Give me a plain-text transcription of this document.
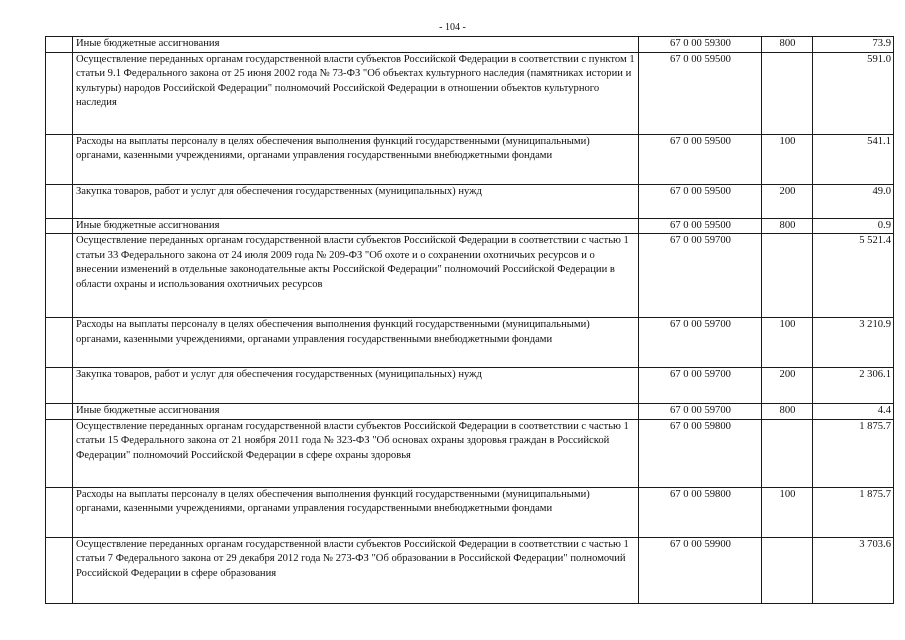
- 104 -
	Иные бюджетные ассигнования	67 0 00 59300	800	73.9
	Осуществление переданных органам государственной власти субъектов Российской Федерации в соответствии с пунктом 1 статьи 9.1 Федерального закона от 25 июня 2002 года № 73-ФЗ "Об объектах культурного наследия (памятниках истории и культуры) народов Российской Федерации" полномочий Российской Федерации в отношении объектов культурного наследия	67 0 00 59500		591.0
	Расходы на выплаты персоналу в целях обеспечения выполнения функций государственными (муниципальными) органами, казенными учреждениями, органами управления государственными внебюджетными фондами	67 0 00 59500	100	541.1
	Закупка товаров, работ и услуг для обеспечения государственных (муниципальных) нужд	67 0 00 59500	200	49.0
	Иные бюджетные ассигнования	67 0 00 59500	800	0.9
	Осуществление переданных органам государственной власти субъектов Российской Федерации в соответствии с частью 1 статьи 33 Федерального закона от 24 июля 2009 года № 209-ФЗ "Об охоте и о сохранении охотничьих ресурсов и о внесении изменений в отдельные законодательные акты Российской Федерации" полномочий Российской Федерации в области охраны и использования охотничьих ресурсов	67 0 00 59700		5 521.4
	Расходы на выплаты персоналу в целях обеспечения выполнения функций государственными (муниципальными) органами, казенными учреждениями, органами управления государственными внебюджетными фондами	67 0 00 59700	100	3 210.9
	Закупка товаров, работ и услуг для обеспечения государственных (муниципальных) нужд	67 0 00 59700	200	2 306.1
	Иные бюджетные ассигнования	67 0 00 59700	800	4.4
	Осуществление переданных органам государственной власти субъектов Российской Федерации в соответствии с частью 1 статьи 15 Федерального закона от 21 ноября 2011 года № 323-ФЗ "Об основах охраны здоровья граждан в Российской Федерации" полномочий Российской Федерации в сфере охраны здоровья	67 0 00 59800		1 875.7
	Расходы на выплаты персоналу в целях обеспечения выполнения функций государственными (муниципальными) органами, казенными учреждениями, органами управления государственными внебюджетными фондами	67 0 00 59800	100	1 875.7
	Осуществление переданных органам государственной власти субъектов Российской Федерации в соответствии с частью 1 статьи 7 Федерального закона от 29 декабря 2012 года № 273-ФЗ "Об образовании в Российской Федерации" полномочий Российской Федерации в сфере образования	67 0 00 59900		3 703.6
